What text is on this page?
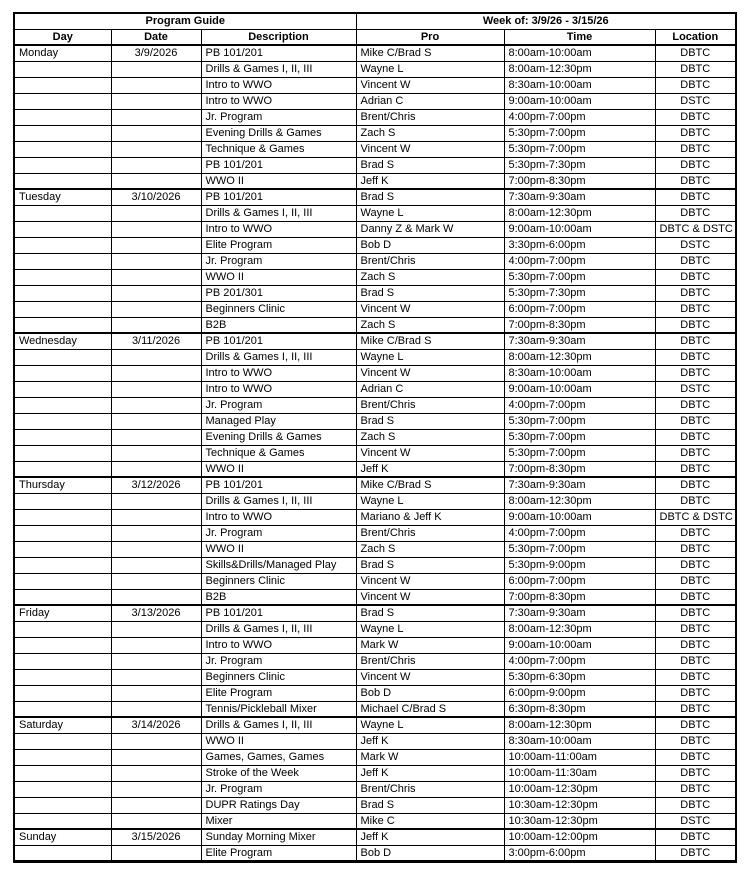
Program Guide			Week of: 3/9/26 - 3/15/26		
Day	Date	Description	Pro	Time	Location
Monday	3/9/2026	PB 101/201	Mike C/Brad S	8:00am-10:00am	DBTC
		Drills & Games I, II, III	Wayne L	8:00am-12:30pm	DBTC
		Intro to WWO	Vincent W	8:30am-10:00am	DBTC
		Intro to WWO	Adrian C	9:00am-10:00am	DSTC
		Jr. Program	Brent/Chris	4:00pm-7:00pm	DBTC
		Evening Drills & Games	Zach S	5:30pm-7:00pm	DBTC
		Technique & Games	Vincent W	5:30pm-7:00pm	DBTC
		PB 101/201	Brad S	5:30pm-7:30pm	DBTC
		WWO II	Jeff K	7:00pm-8:30pm	DBTC
Tuesday	3/10/2026	PB 101/201	Brad S	7:30am-9:30am	DBTC
		Drills & Games I, II, III	Wayne L	8:00am-12:30pm	DBTC
		Intro to WWO	Danny Z & Mark W	9:00am-10:00am	DBTC & DSTC
		Elite Program	Bob D	3:30pm-6:00pm	DSTC
		Jr. Program	Brent/Chris	4:00pm-7:00pm	DBTC
		WWO II	Zach S	5:30pm-7:00pm	DBTC
		PB 201/301	Brad S	5:30pm-7:30pm	DBTC
		Beginners Clinic	Vincent W	6:00pm-7:00pm	DBTC
		B2B	Zach S	7:00pm-8:30pm	DBTC
Wednesday	3/11/2026	PB 101/201	Mike C/Brad S	7:30am-9:30am	DBTC
		Drills & Games I, II, III	Wayne L	8:00am-12:30pm	DBTC
		Intro to WWO	Vincent W	8:30am-10:00am	DBTC
		Intro to WWO	Adrian C	9:00am-10:00am	DSTC
		Jr. Program	Brent/Chris	4:00pm-7:00pm	DBTC
		Managed Play	Brad S	5:30pm-7:00pm	DBTC
		Evening Drills & Games	Zach S	5:30pm-7:00pm	DBTC
		Technique & Games	Vincent W	5:30pm-7:00pm	DBTC
		WWO II	Jeff K	7:00pm-8:30pm	DBTC
Thursday	3/12/2026	PB 101/201	Mike C/Brad S	7:30am-9:30am	DBTC
		Drills & Games I, II, III	Wayne L	8:00am-12:30pm	DBTC
		Intro to WWO	Mariano & Jeff K	9:00am-10:00am	DBTC & DSTC
		Jr. Program	Brent/Chris	4:00pm-7:00pm	DBTC
		WWO II	Zach S	5:30pm-7:00pm	DBTC
		Skills&Drills/Managed Play	Brad S	5:30pm-9:00pm	DBTC
		Beginners Clinic	Vincent W	6:00pm-7:00pm	DBTC
		B2B	Vincent W	7:00pm-8:30pm	DBTC
Friday	3/13/2026	PB 101/201	Brad S	7:30am-9:30am	DBTC
		Drills & Games I, II, III	Wayne L	8:00am-12:30pm	DBTC
		Intro to WWO	Mark W	9:00am-10:00am	DBTC
		Jr. Program	Brent/Chris	4:00pm-7:00pm	DBTC
		Beginners Clinic	Vincent W	5:30pm-6:30pm	DBTC
		Elite Program	Bob D	6:00pm-9:00pm	DBTC
		Tennis/Pickleball Mixer	Michael C/Brad S	6:30pm-8:30pm	DBTC
Saturday	3/14/2026	Drills & Games I, II, III	Wayne L	8:00am-12:30pm	DBTC
		WWO II	Jeff K	8:30am-10:00am	DBTC
		Games, Games, Games	Mark W	10:00am-11:00am	DBTC
		Stroke of the Week	Jeff K	10:00am-11:30am	DBTC
		Jr. Program	Brent/Chris	10:00am-12:30pm	DBTC
		DUPR Ratings Day	Brad S	10:30am-12:30pm	DBTC
		Mixer	Mike C	10:30am-12:30pm	DSTC
Sunday	3/15/2026	Sunday Morning Mixer	Jeff K	10:00am-12:00pm	DBTC
		Elite Program	Bob D	3:00pm-6:00pm	DBTC
